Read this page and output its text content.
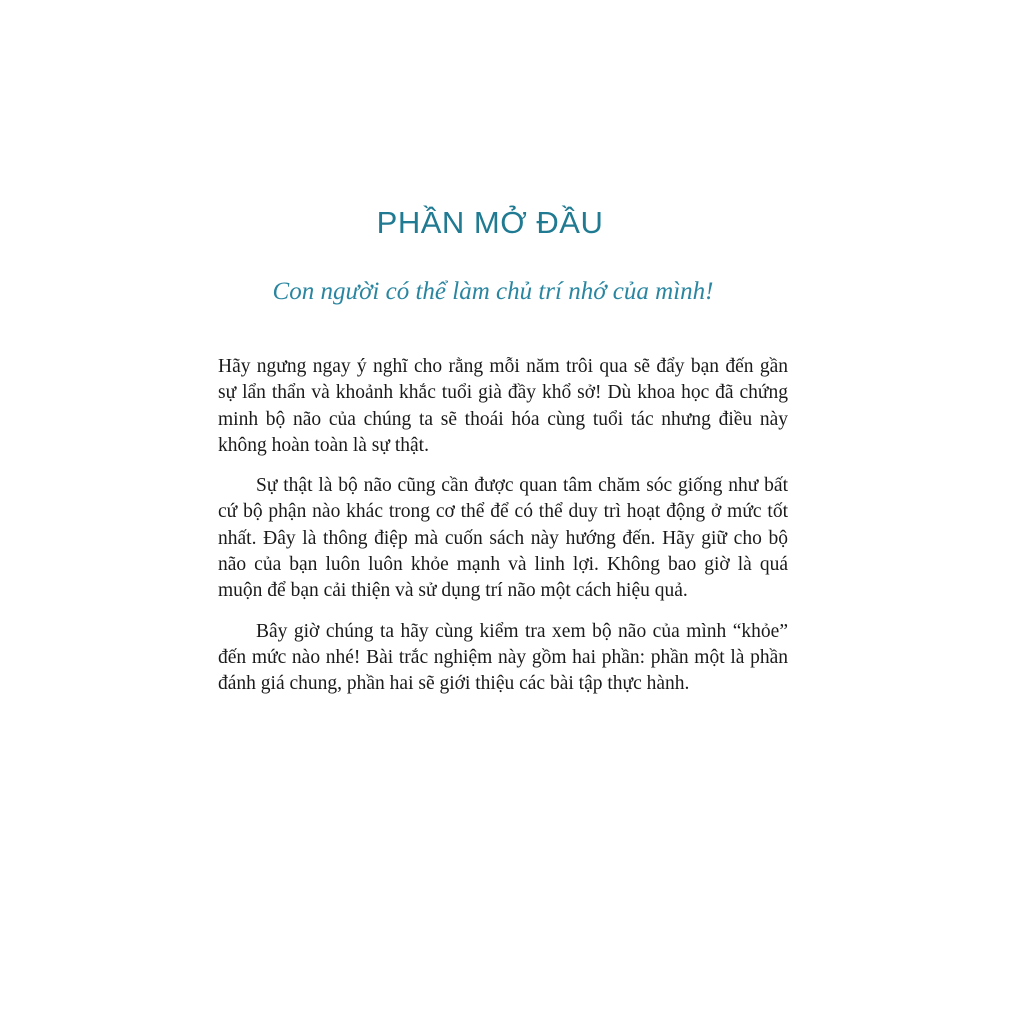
PHẦN MỞ ĐẦU
Con người có thể làm chủ trí nhớ của mình!

Hãy ngưng ngay ý nghĩ cho rằng mỗi năm trôi qua sẽ đẩy bạn đến gần sự lẩn thẩn và khoảnh khắc tuổi già đầy khổ sở! Dù khoa học đã chứng minh bộ não của chúng ta sẽ thoái hóa cùng tuổi tác nhưng điều này không hoàn toàn là sự thật.

Sự thật là bộ não cũng cần được quan tâm chăm sóc giống như bất cứ bộ phận nào khác trong cơ thể để có thể duy trì hoạt động ở mức tốt nhất. Đây là thông điệp mà cuốn sách này hướng đến. Hãy giữ cho bộ não của bạn luôn luôn khỏe mạnh và linh lợi. Không bao giờ là quá muộn để bạn cải thiện và sử dụng trí não một cách hiệu quả.

Bây giờ chúng ta hãy cùng kiểm tra xem bộ não của mình “khỏe” đến mức nào nhé! Bài trắc nghiệm này gồm hai phần: phần một là phần đánh giá chung, phần hai sẽ giới thiệu các bài tập thực hành.
